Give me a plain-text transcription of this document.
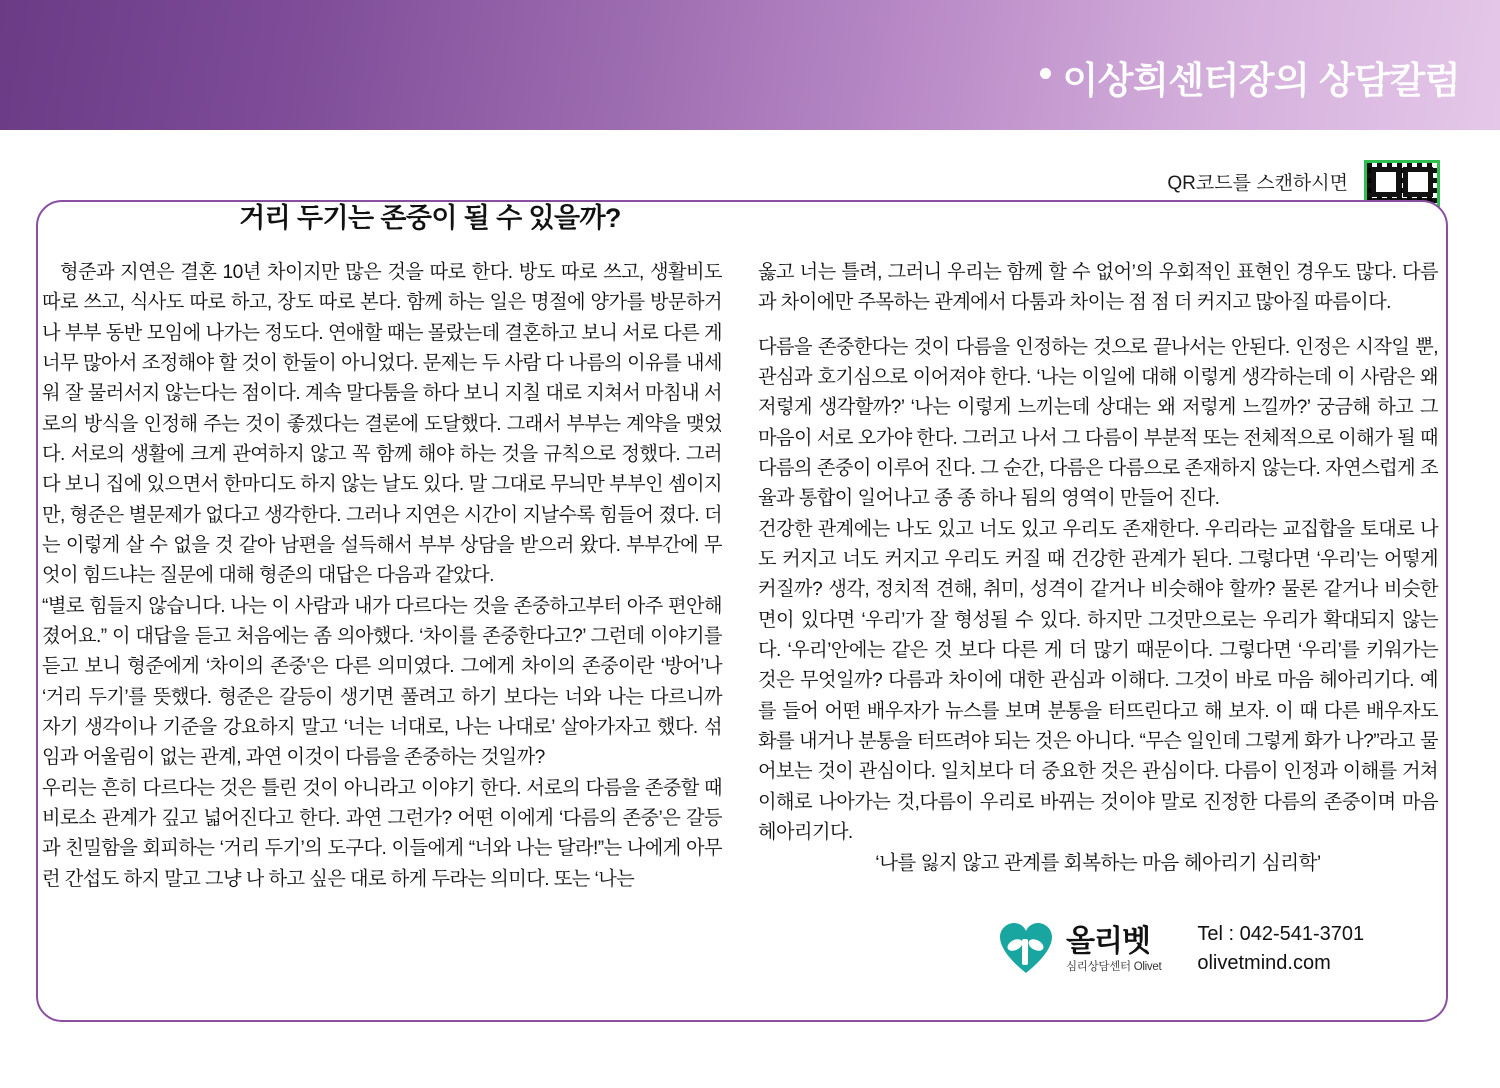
이상희센터장의 상담칼럼
QR코드를 스캔하시면
거리 두기는 존중이 될 수 있을까?

형준과 지연은 결혼 10년 차이지만 많은 것을 따로 한다. 방도 따로 쓰고, 생활비도 따로 쓰고, 식사도 따로 하고, 장도 따로 본다. 함께 하는 일은 명절에 양가를 방문하거나 부부 동반 모임에 나가는 정도다. 연애할 때는 몰랐는데 결혼하고 보니 서로 다른 게 너무 많아서 조정해야 할 것이 한둘이 아니었다. 문제는 두 사람 다 나름의 이유를 내세워 잘 물러서지 않는다는 점이다. 계속 말다툼을 하다 보니 지칠 대로 지쳐서 마침내 서로의 방식을 인정해 주는 것이 좋겠다는 결론에 도달했다. 그래서 부부는 계약을 맺었다. 서로의 생활에 크게 관여하지 않고 꼭 함께 해야 하는 것을 규칙으로 정했다. 그러다 보니 집에 있으면서 한마디도 하지 않는 날도 있다. 말 그대로 무늬만 부부인 셈이지만, 형준은 별문제가 없다고 생각한다. 그러나 지연은 시간이 지날수록 힘들어 졌다. 더는 이렇게 살 수 없을 것 같아 남편을 설득해서 부부 상담을 받으러 왔다. 부부간에 무엇이 힘드냐는 질문에 대해 형준의 대답은 다음과 같았다.

“별로 힘들지 않습니다. 나는 이 사람과 내가 다르다는 것을 존중하고부터 아주 편안해 졌어요.” 이 대답을 듣고 처음에는 좀 의아했다. ‘차이를 존중한다고?’ 그런데 이야기를 듣고 보니 형준에게 ‘차이의 존중’은 다른 의미였다. 그에게 차이의 존중이란 ‘방어’나 ‘거리 두기’를 뜻했다. 형준은 갈등이 생기면 풀려고 하기 보다는 너와 나는 다르니까 자기 생각이나 기준을 강요하지 말고 ‘너는 너대로, 나는 나대로’ 살아가자고 했다. 섞임과 어울림이 없는 관계, 과연 이것이 다름을 존중하는 것일까?

우리는 흔히 다르다는 것은 틀린 것이 아니라고 이야기 한다. 서로의 다름을 존중할 때 비로소 관계가 깊고 넓어진다고 한다. 과연 그런가? 어떤 이에게 ‘다름의 존중’은 갈등과 친밀함을 회피하는 ‘거리 두기’의 도구다. 이들에게 “너와 나는 달라!”는 나에게 아무런 간섭도 하지 말고 그냥 나 하고 싶은 대로 하게 두라는 의미다. 또는 ‘나는

옳고 너는 틀려, 그러니 우리는 함께 할 수 없어’의 우회적인 표현인 경우도 많다. 다름과 차이에만 주목하는 관계에서 다툼과 차이는 점 점 더 커지고 많아질 따름이다.

다름을 존중한다는 것이 다름을 인정하는 것으로 끝나서는 안된다. 인정은 시작일 뿐, 관심과 호기심으로 이어져야 한다. ‘나는 이일에 대해 이렇게 생각하는데 이 사람은 왜 저렇게 생각할까?’ ‘나는 이렇게 느끼는데 상대는 왜 저렇게 느낄까?’ 궁금해 하고 그 마음이 서로 오가야 한다. 그러고 나서 그 다름이 부분적 또는 전체적으로 이해가 될 때 다름의 존중이 이루어 진다. 그 순간, 다름은 다름으로 존재하지 않는다. 자연스럽게 조율과 통합이 일어나고 종 종 하나 됨의 영역이 만들어 진다.

건강한 관계에는 나도 있고 너도 있고 우리도 존재한다. 우리라는 교집합을 토대로 나도 커지고 너도 커지고 우리도 커질 때 건강한 관계가 된다. 그렇다면 ‘우리’는 어떻게 커질까? 생각, 정치적 견해, 취미, 성격이 같거나 비슷해야 할까? 물론 같거나 비슷한 면이 있다면 ‘우리’가 잘 형성될 수 있다. 하지만 그것만으로는 우리가 확대되지 않는다. ‘우리’안에는 같은 것 보다 다른 게 더 많기 때문이다. 그렇다면 ‘우리’를 키워가는 것은 무엇일까? 다름과 차이에 대한 관심과 이해다. 그것이 바로 마음 헤아리기다. 예를 들어 어떤 배우자가 뉴스를 보며 분통을 터뜨린다고 해 보자. 이 때 다른 배우자도 화를 내거나 분통을 터뜨려야 되는 것은 아니다. “무슨 일인데 그렇게 화가 나?”라고 물어보는 것이 관심이다. 일치보다 더 중요한 것은 관심이다. 다름이 인정과 이해를 거쳐 이해로 나아가는 것,다름이 우리로 바뀌는 것이야 말로 진정한 다름의 존중이며 마음 헤아리기다.

‘나를 잃지 않고 관계를 회복하는 마음 헤아리기 심리학’

올리벳
심리상담센터 Olivet
Tel : 042-541-3701
olivetmind.com
